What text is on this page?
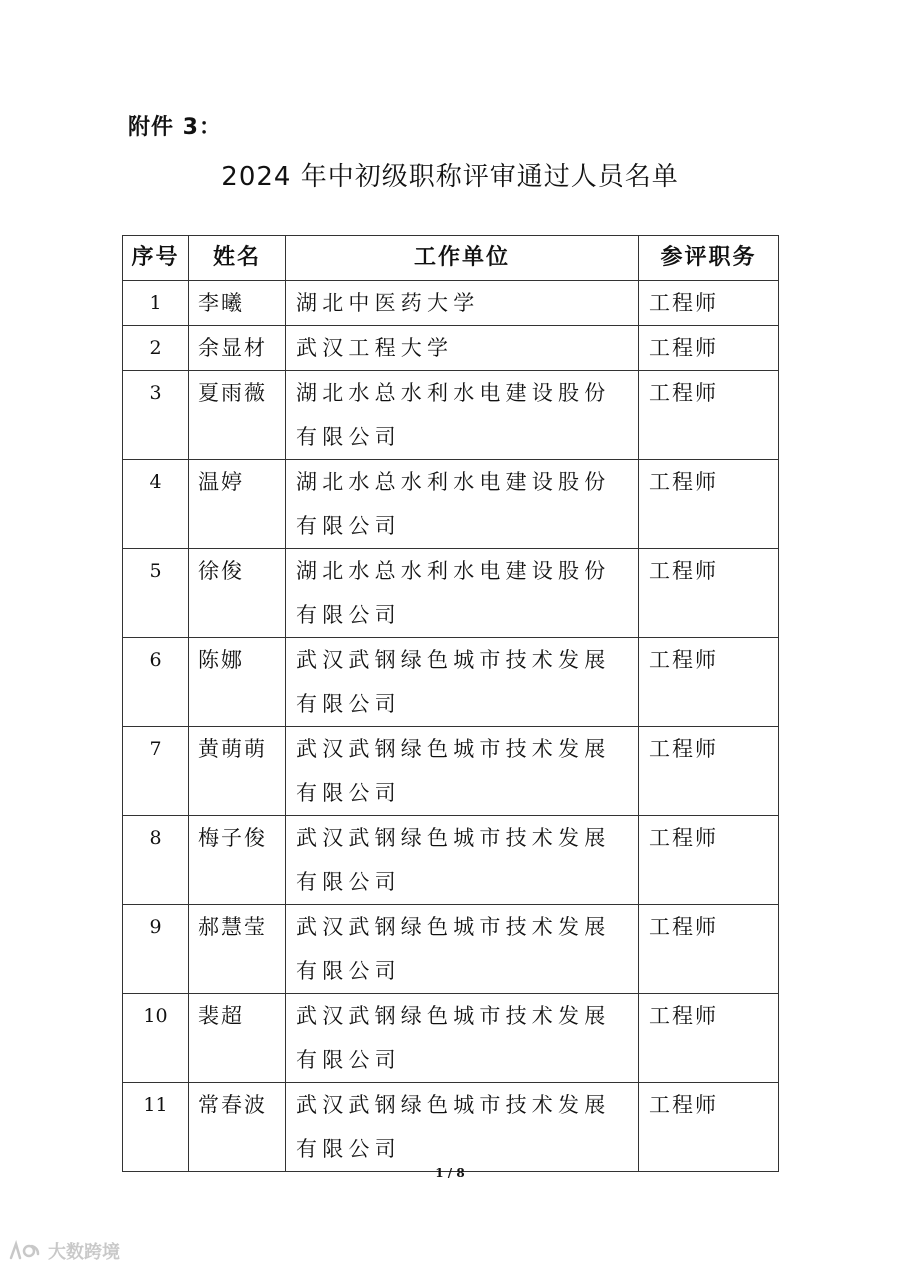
附件 3：
2024 年中初级职称评审通过人员名单
序号	姓名	工作单位	参评职务
1	李曦	湖北中医药大学	工程师
2	余显材	武汉工程大学	工程师
3	夏雨薇	湖北水总水利水电建设股份有限公司	工程师
4	温婷	湖北水总水利水电建设股份有限公司	工程师
5	徐俊	湖北水总水利水电建设股份有限公司	工程师
6	陈娜	武汉武钢绿色城市技术发展有限公司	工程师
7	黄萌萌	武汉武钢绿色城市技术发展有限公司	工程师
8	梅子俊	武汉武钢绿色城市技术发展有限公司	工程师
9	郝慧莹	武汉武钢绿色城市技术发展有限公司	工程师
10	裴超	武汉武钢绿色城市技术发展有限公司	工程师
11	常春波	武汉武钢绿色城市技术发展有限公司	工程师
1 / 8
大数跨境
